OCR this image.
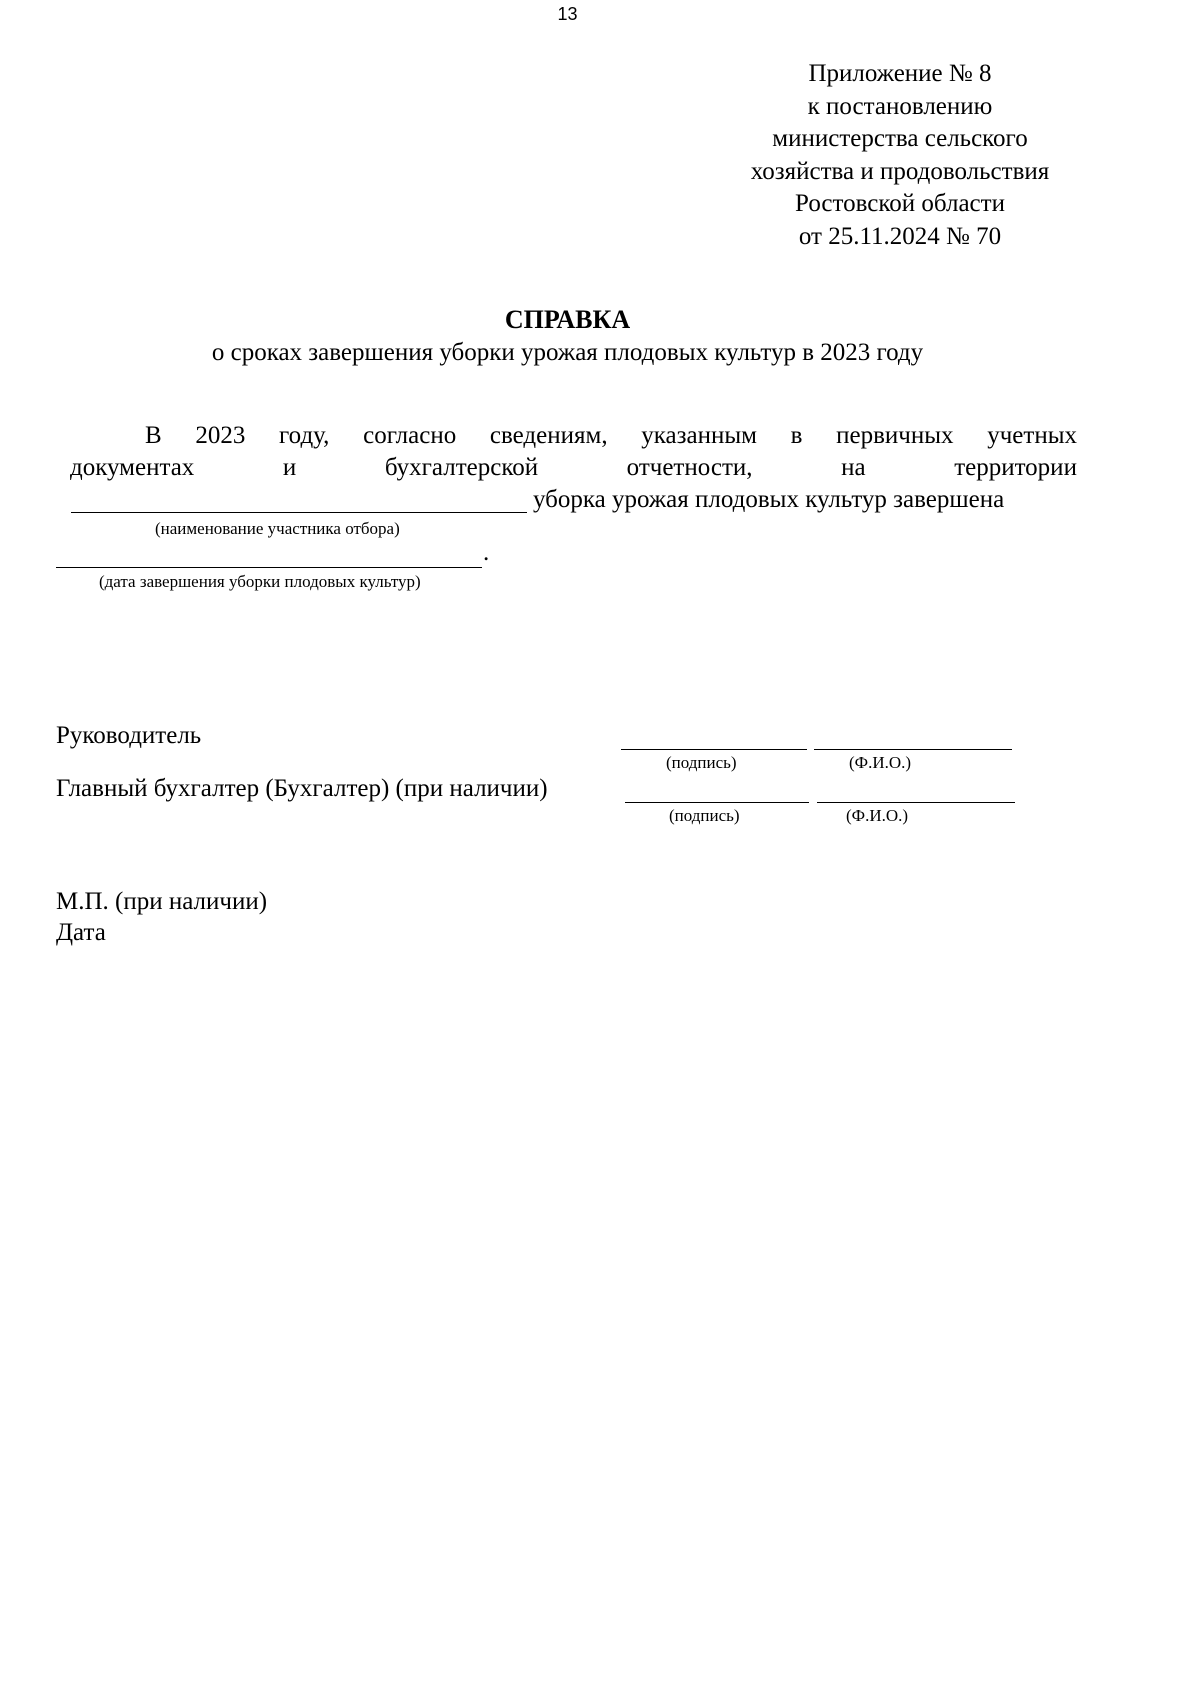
13
Приложение № 8
к постановлению
министерства сельского
хозяйства и продовольствия
Ростовской области
от 25.11.2024 № 70
СПРАВКА
о сроках завершения уборки урожая плодовых культур в 2023 году
В 2023 году, согласно сведениям, указанным в первичных учетных
документах	и	бухгалтерской	отчетности,	на	территории
уборка урожая плодовых культур завершена
(наименование участника отбора)
.
(дата завершения уборки плодовых культур)
Руководитель
(подпись)	(Ф.И.О.)
Главный бухгалтер (Бухгалтер) (при наличии)
(подпись)	(Ф.И.О.)
М.П. (при наличии)
Дата
